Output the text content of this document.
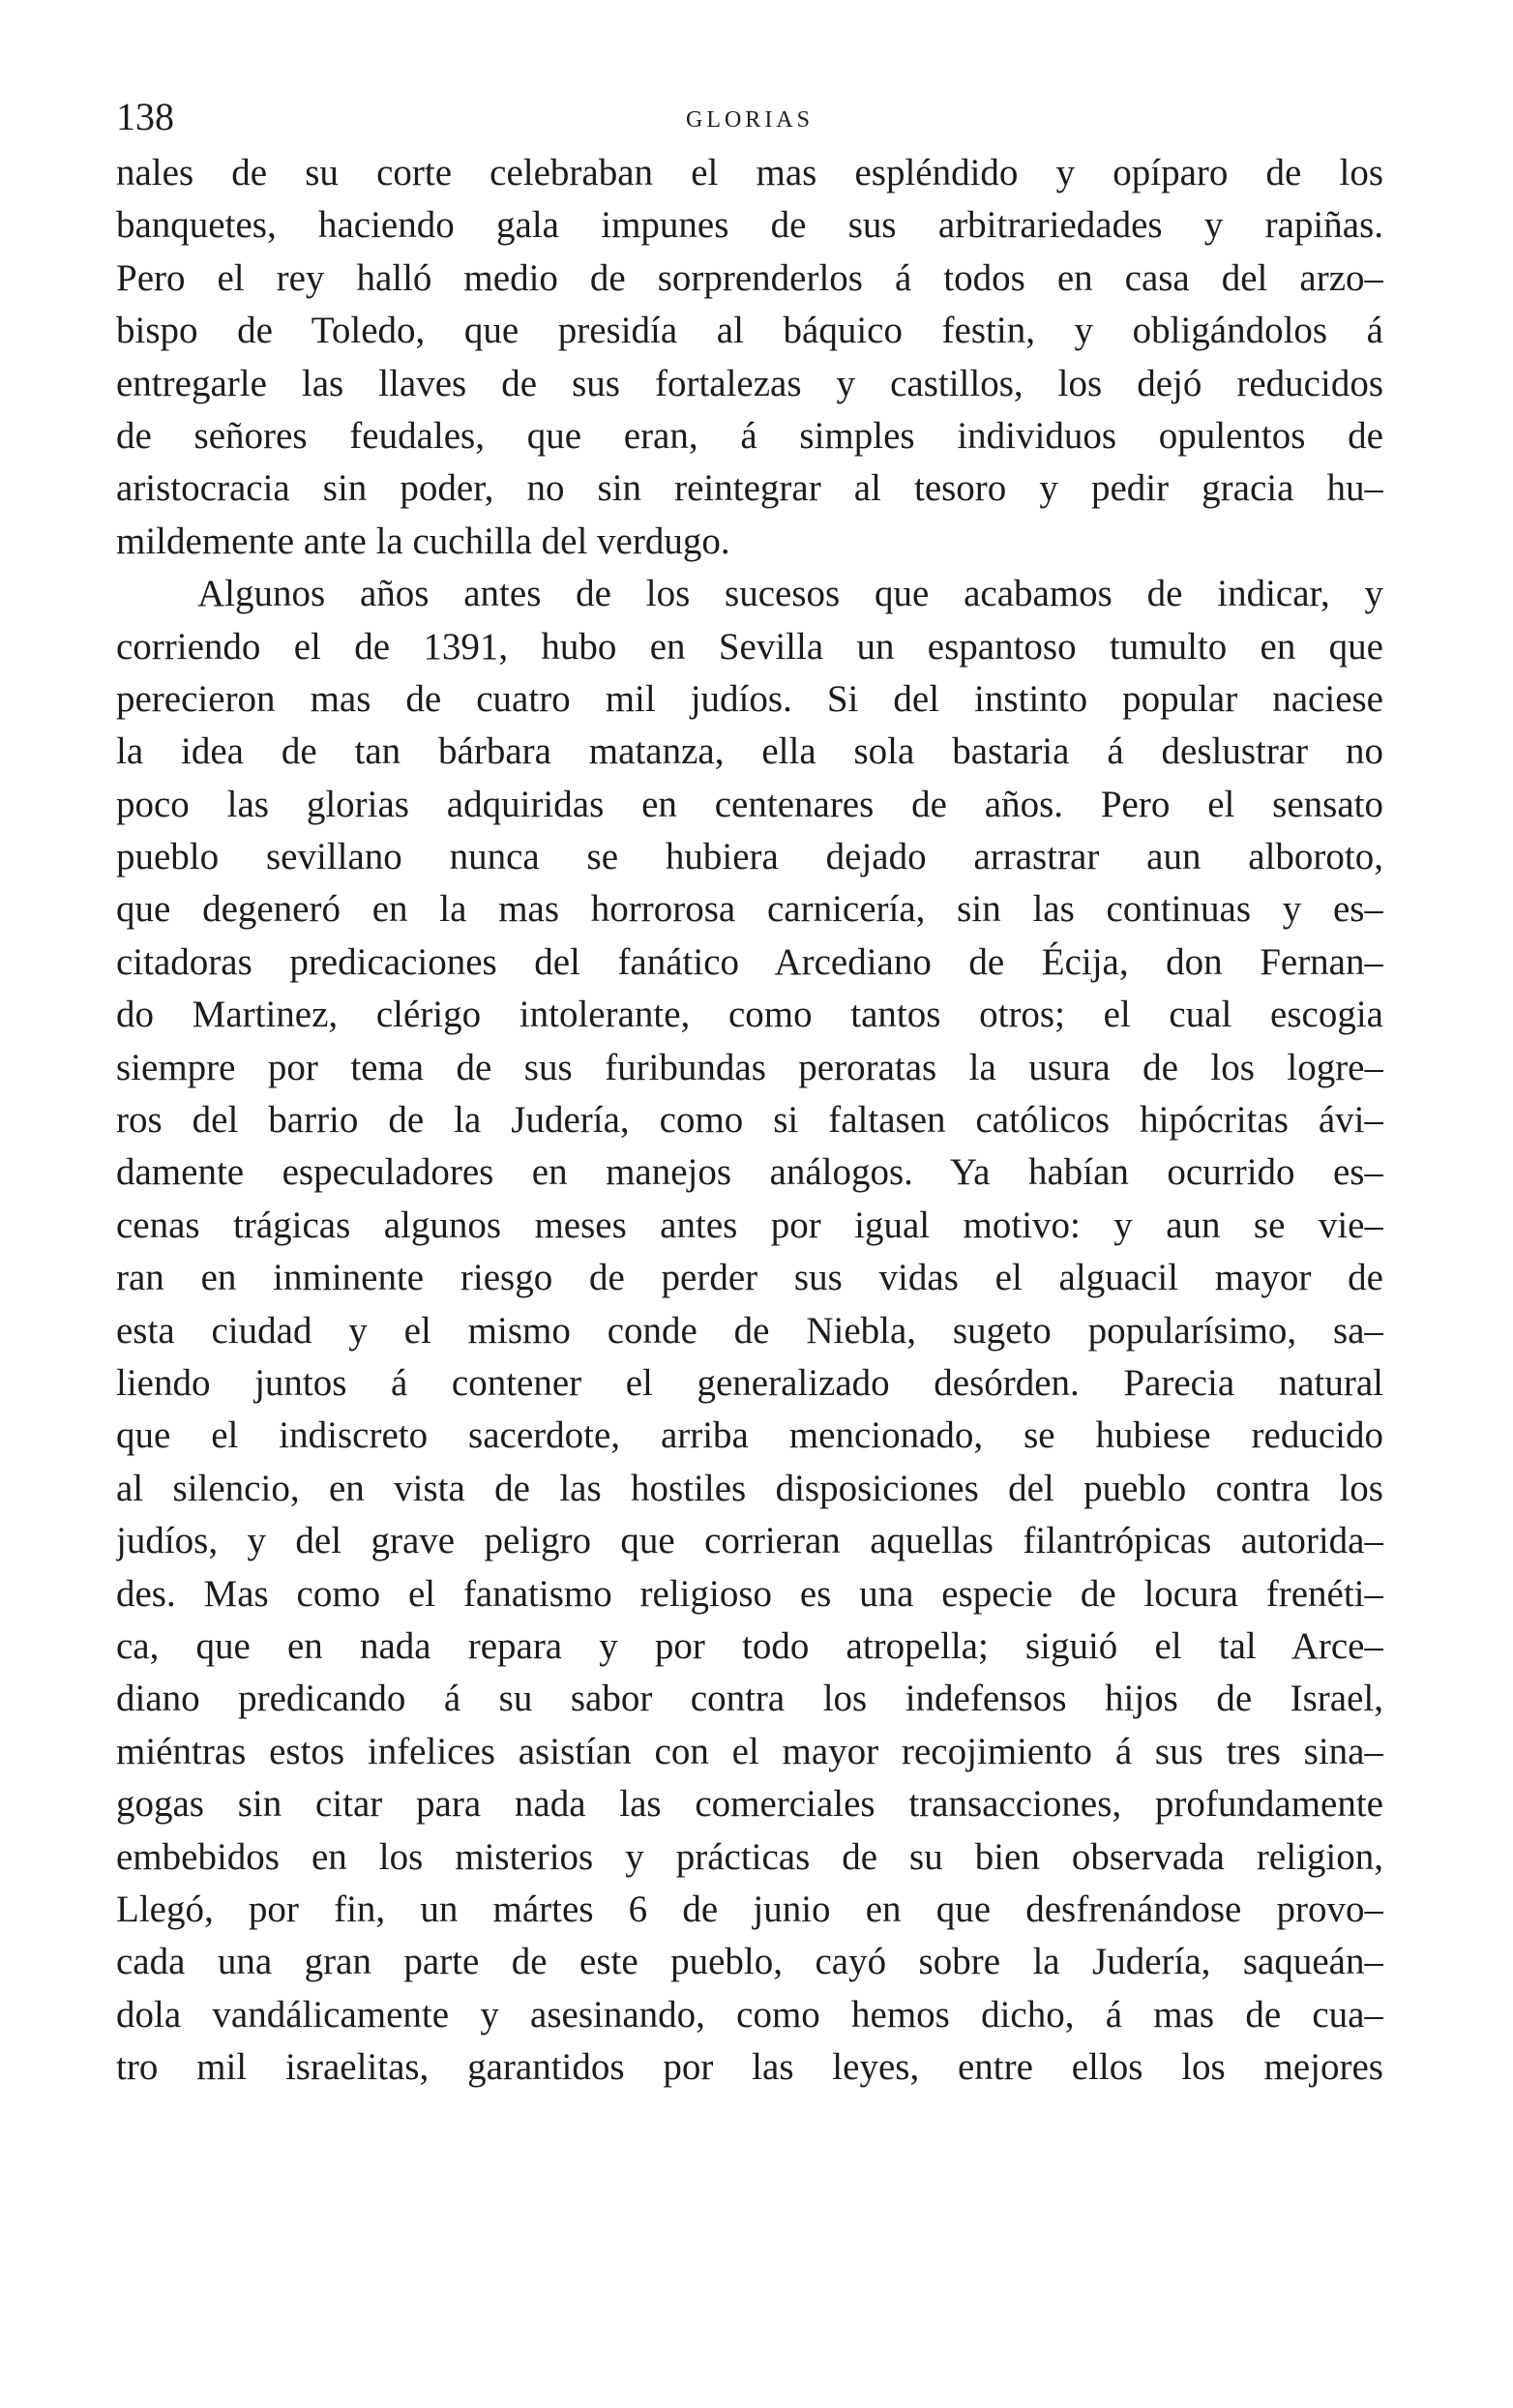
138	GLORIAS
nales de su corte celebraban el mas espléndido y opíparo de los
banquetes, haciendo gala impunes de sus arbitrariedades y rapiñas.
Pero el rey halló medio de sorprenderlos á todos en casa del arzo–
bispo de Toledo, que presidía al báquico festin, y obligándolos á
entregarle las llaves de sus fortalezas y castillos, los dejó reducidos
de señores feudales, que eran, á simples individuos opulentos de
aristocracia sin poder, no sin reintegrar al tesoro y pedir gracia hu–
mildemente ante la cuchilla del verdugo.
Algunos años antes de los sucesos que acabamos de indicar, y
corriendo el de 1391, hubo en Sevilla un espantoso tumulto en que
perecieron mas de cuatro mil judíos. Si del instinto popular naciese
la idea de tan bárbara matanza, ella sola bastaria á deslustrar no
poco las glorias adquiridas en centenares de años. Pero el sensato
pueblo sevillano nunca se hubiera dejado arrastrar aun alboroto,
que degeneró en la mas horrorosa carnicería, sin las continuas y es–
citadoras predicaciones del fanático Arcediano de Écija, don Fernan–
do Martinez, clérigo intolerante, como tantos otros; el cual escogia
siempre por tema de sus furibundas peroratas la usura de los logre–
ros del barrio de la Judería, como si faltasen católicos hipócritas ávi–
damente especuladores en manejos análogos. Ya habían ocurrido es–
cenas trágicas algunos meses antes por igual motivo: y aun se vie–
ran en inminente riesgo de perder sus vidas el alguacil mayor de
esta ciudad y el mismo conde de Niebla, sugeto popularísimo, sa–
liendo juntos á contener el generalizado desórden. Parecia natural
que el indiscreto sacerdote, arriba mencionado, se hubiese reducido
al silencio, en vista de las hostiles disposiciones del pueblo contra los
judíos, y del grave peligro que corrieran aquellas filantrópicas autorida–
des. Mas como el fanatismo religioso es una especie de locura frenéti–
ca, que en nada repara y por todo atropella; siguió el tal Arce–
diano predicando á su sabor contra los indefensos hijos de Israel,
miéntras estos infelices asistían con el mayor recojimiento á sus tres sina–
gogas sin citar para nada las comerciales transacciones, profundamente
embebidos en los misterios y prácticas de su bien observada religion,
Llegó, por fin, un mártes 6 de junio en que desfrenándose provo–
cada una gran parte de este pueblo, cayó sobre la Judería, saqueán–
dola vandálicamente y asesinando, como hemos dicho, á mas de cua–
tro mil israelitas, garantidos por las leyes, entre ellos los mejores
